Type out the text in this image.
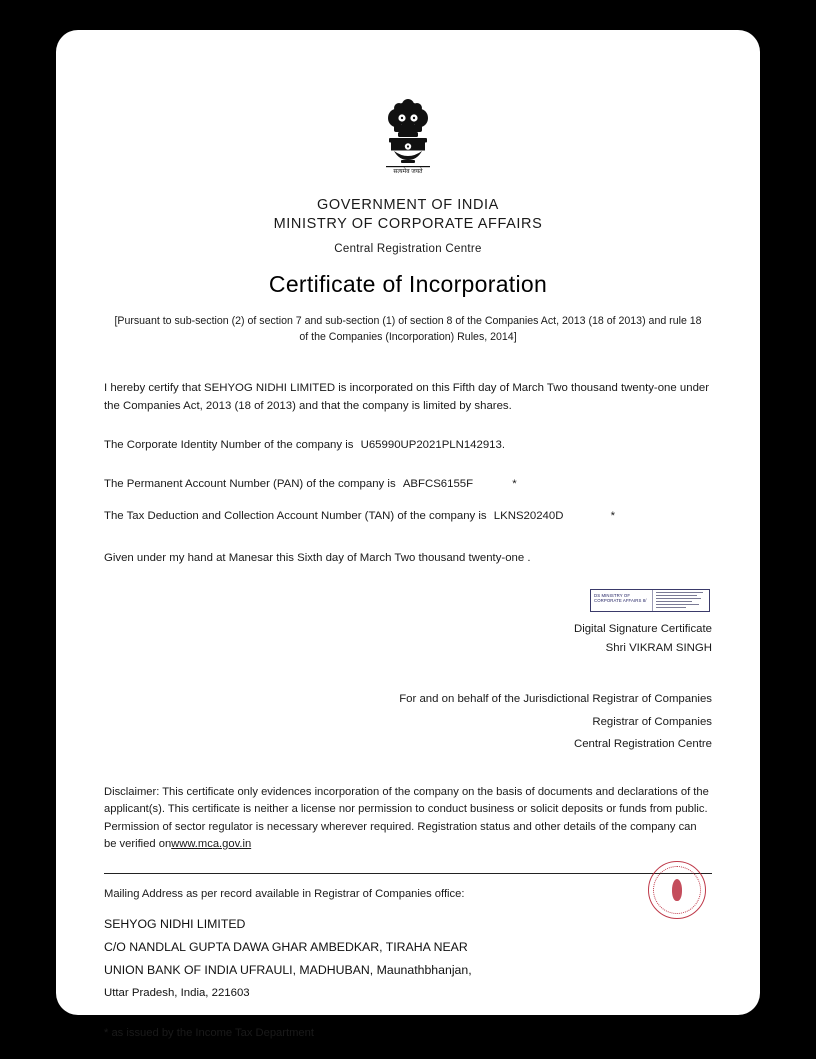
सत्यमेव जयते
GOVERNMENT OF INDIA
MINISTRY OF CORPORATE AFFAIRS
Central Registration Centre
Certificate of Incorporation
[Pursuant to sub-section (2) of section 7 and sub-section (1) of section 8 of the Companies Act, 2013 (18 of 2013) and rule 18 of the Companies (Incorporation) Rules, 2014]
I hereby certify that SEHYOG NIDHI LIMITED is incorporated on this Fifth day of March Two thousand twenty-one under the Companies Act, 2013 (18 of 2013) and that the company is limited by shares.
The Corporate Identity Number of the company is U65990UP2021PLN142913.
The Permanent Account Number (PAN) of the company is ABFCS6155F	*
The Tax Deduction and Collection Account Number (TAN) of the company is LKNS20240D	*
Given under my hand at Manesar this Sixth day of March Two thousand twenty-one .
DS MINISTRY OF
CORPORATE AFFAIRS 8/
Digital Signature Certificate
Shri VIKRAM SINGH
For and on behalf of the Jurisdictional Registrar of Companies
Registrar of Companies
Central Registration Centre
Disclaimer: This certificate only evidences incorporation of the company on the basis of documents and declarations of the applicant(s). This certificate is neither a license nor permission to conduct business or solicit deposits or funds from public. Permission of sector regulator is necessary wherever required. Registration status and other details of the company can be verified onwww.mca.gov.in
Mailing Address as per record available in Registrar of Companies office:
SEHYOG NIDHI LIMITED
C/O NANDLAL GUPTA DAWA GHAR AMBEDKAR, TIRAHA NEAR
UNION BANK OF INDIA UFRAULI, MADHUBAN, Maunathbhanjan,
Uttar Pradesh, India, 221603
* as issued by the Income Tax Department
